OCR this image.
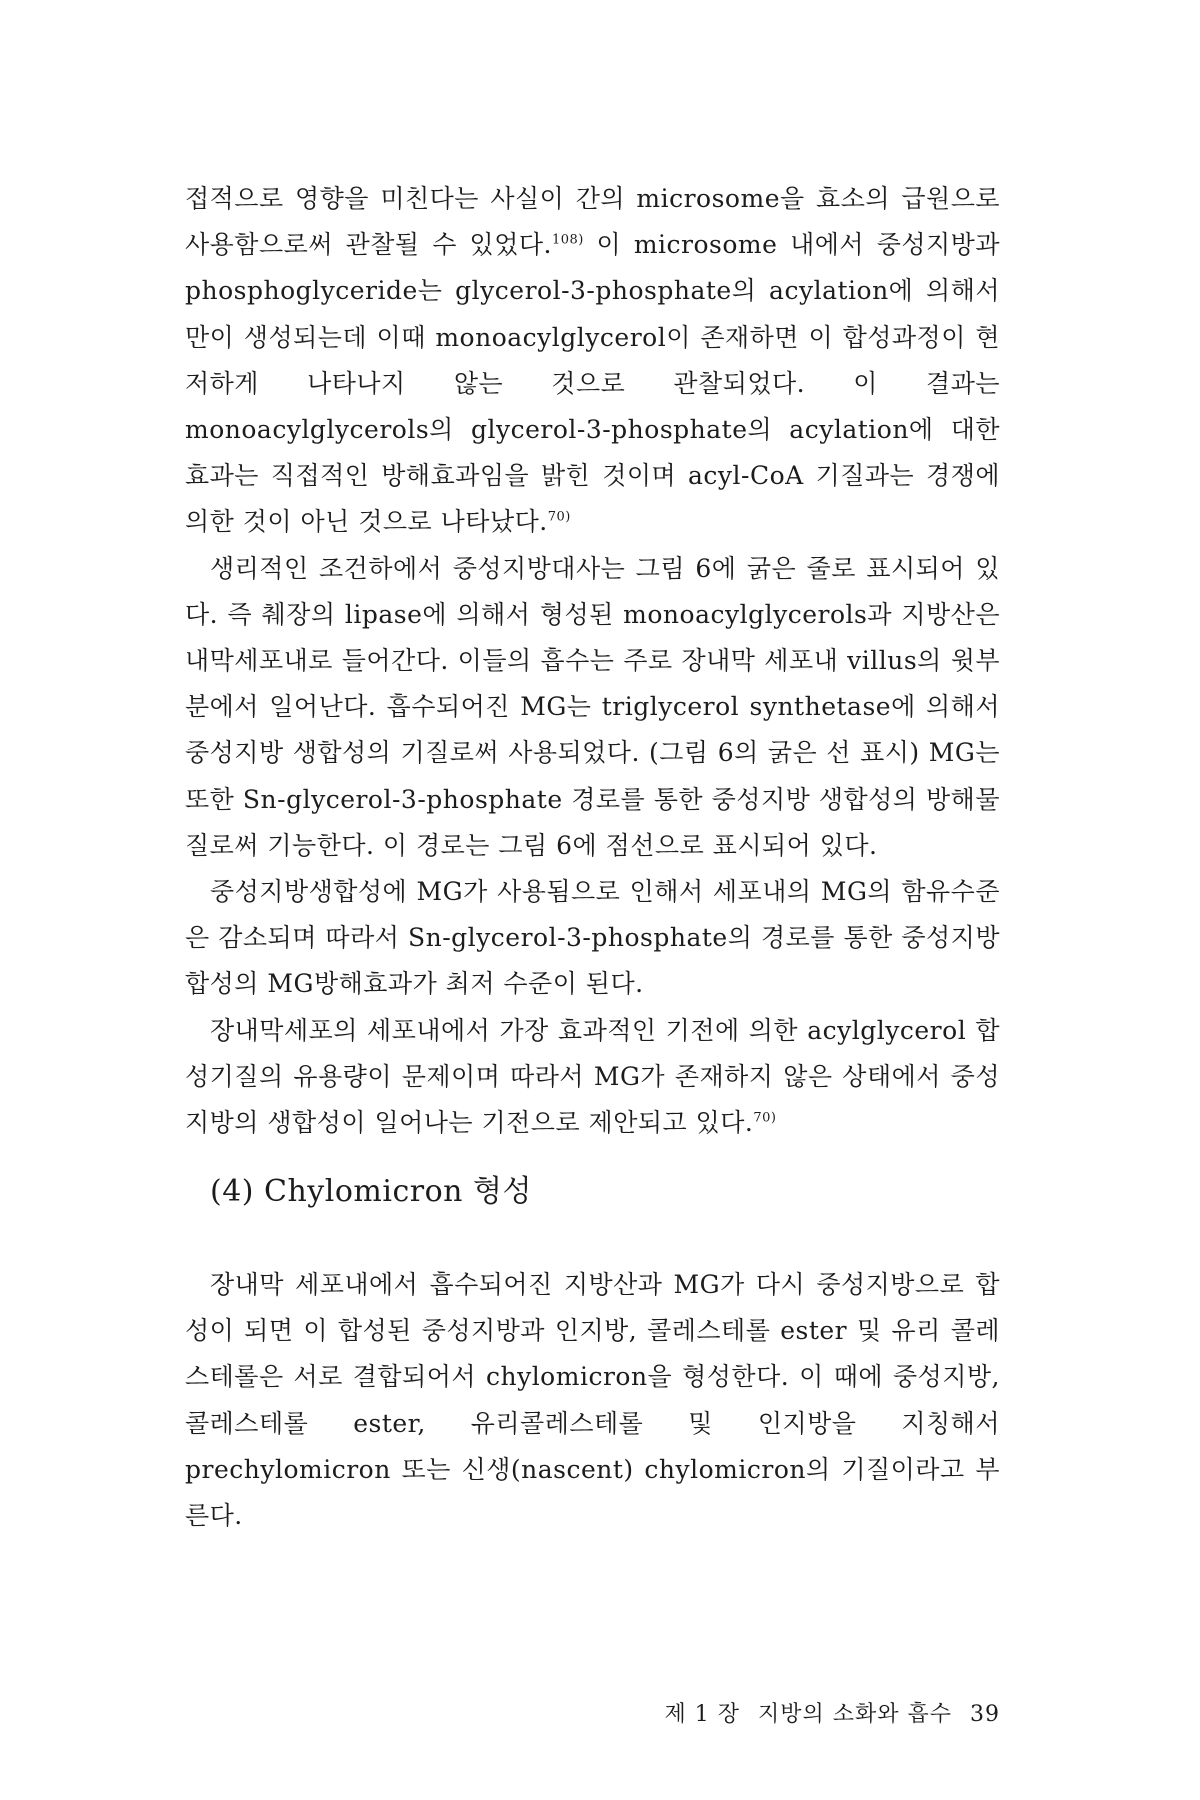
접적으로 영향을 미친다는 사실이 간의 microsome을 효소의 급원으로 사용함으로써 관찰될 수 있었다.$^{108)}$ 이 microsome 내에서 중성지방과 phosphoglyceride는 glycerol-3-phosphate의 acylation에 의해서만이 생성되는데 이때 monoacylglycerol이 존재하면 이 합성과정이 현저하게 나타나지 않는 것으로 관찰되었다. 이 결과는 monoacylglycerols의 glycerol-3-phosphate의 acylation에 대한 효과는 직접적인 방해효과임을 밝힌 것이며 acyl-CoA 기질과는 경쟁에 의한 것이 아닌 것으로 나타났다.$^{70)}$

생리적인 조건하에서 중성지방대사는 그림 6에 굵은 줄로 표시되어 있다. 즉 췌장의 lipase에 의해서 형성된 monoacylglycerols과 지방산은 내막세포내로 들어간다. 이들의 흡수는 주로 장내막 세포내 villus의 윗부분에서 일어난다. 흡수되어진 MG는 triglycerol synthetase에 의해서 중성지방 생합성의 기질로써 사용되었다. (그림 6의 굵은 선 표시) MG는 또한 Sn-glycerol-3-phosphate 경로를 통한 중성지방 생합성의 방해물질로써 기능한다. 이 경로는 그림 6에 점선으로 표시되어 있다.

중성지방생합성에 MG가 사용됨으로 인해서 세포내의 MG의 함유수준은 감소되며 따라서 Sn-glycerol-3-phosphate의 경로를 통한 중성지방합성의 MG방해효과가 최저 수준이 된다.

장내막세포의 세포내에서 가장 효과적인 기전에 의한 acylglycerol 합성기질의 유용량이 문제이며 따라서 MG가 존재하지 않은 상태에서 중성지방의 생합성이 일어나는 기전으로 제안되고 있다.$^{70)}$

(4) Chylomicron 형성

장내막 세포내에서 흡수되어진 지방산과 MG가 다시 중성지방으로 합성이 되면 이 합성된 중성지방과 인지방, 콜레스테롤 ester 및 유리 콜레스테롤은 서로 결합되어서 chylomicron을 형성한다. 이 때에 중성지방, 콜레스테롤 ester, 유리콜레스테롤 및 인지방을 지칭해서 prechylomicron 또는 신생(nascent) chylomicron의 기질이라고 부른다.

제 1 장 지방의 소화와 흡수 39
